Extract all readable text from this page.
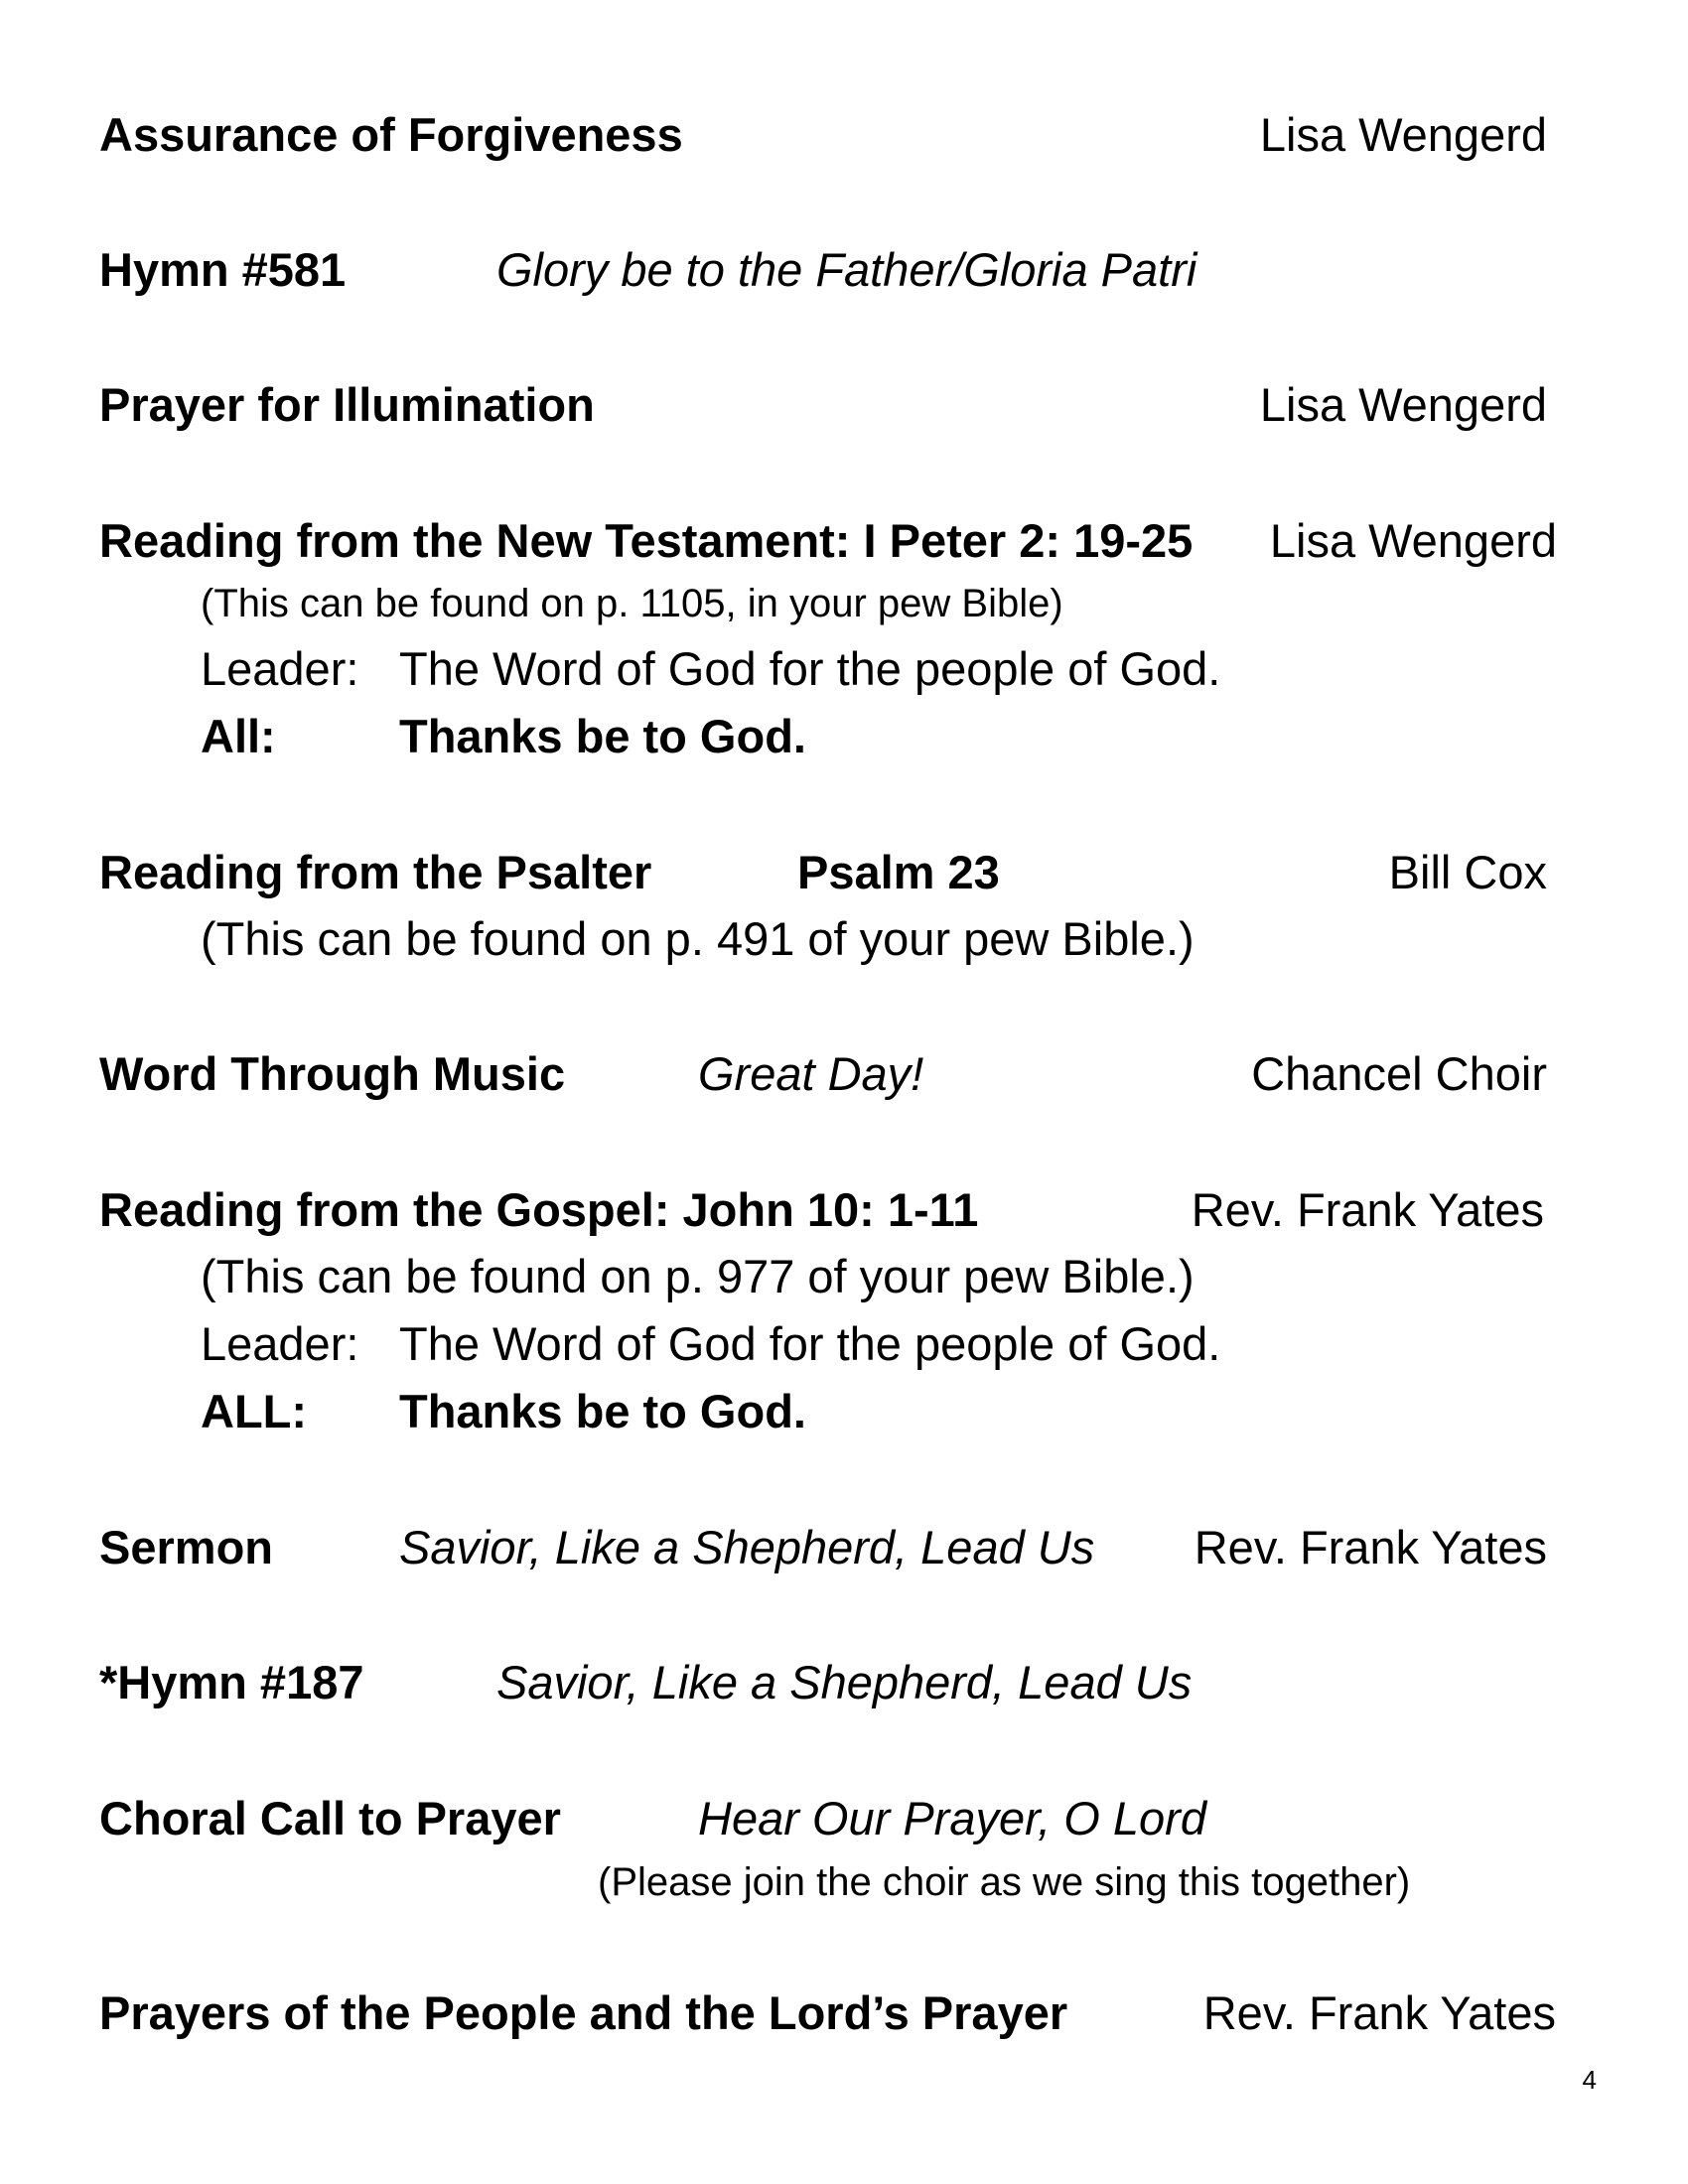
Assurance of Forgiveness	Lisa Wengerd
Hymn #581	Glory be to the Father/Gloria Patri
Prayer for Illumination	Lisa Wengerd
Reading from the New Testament: I Peter 2: 19-25 Lisa Wengerd
(This can be found on p. 1105, in your pew Bible)
Leader: The Word of God for the people of God.
All:	Thanks be to God.
Reading from the Psalter	Psalm 23	Bill Cox
(This can be found on p. 491 of your pew Bible.)
Word Through Music	Great Day!	Chancel Choir
Reading from the Gospel: John 10: 1-11	Rev. Frank Yates
(This can be found on p. 977 of your pew Bible.)
Leader: The Word of God for the people of God.
ALL: Thanks be to God.
Sermon	Savior, Like a Shepherd, Lead Us Rev. Frank Yates
*Hymn #187	Savior, Like a Shepherd, Lead Us
Choral Call to Prayer	Hear Our Prayer, O Lord
(Please join the choir as we sing this together)
Prayers of the People and the Lord’s Prayer	Rev. Frank Yates
4
